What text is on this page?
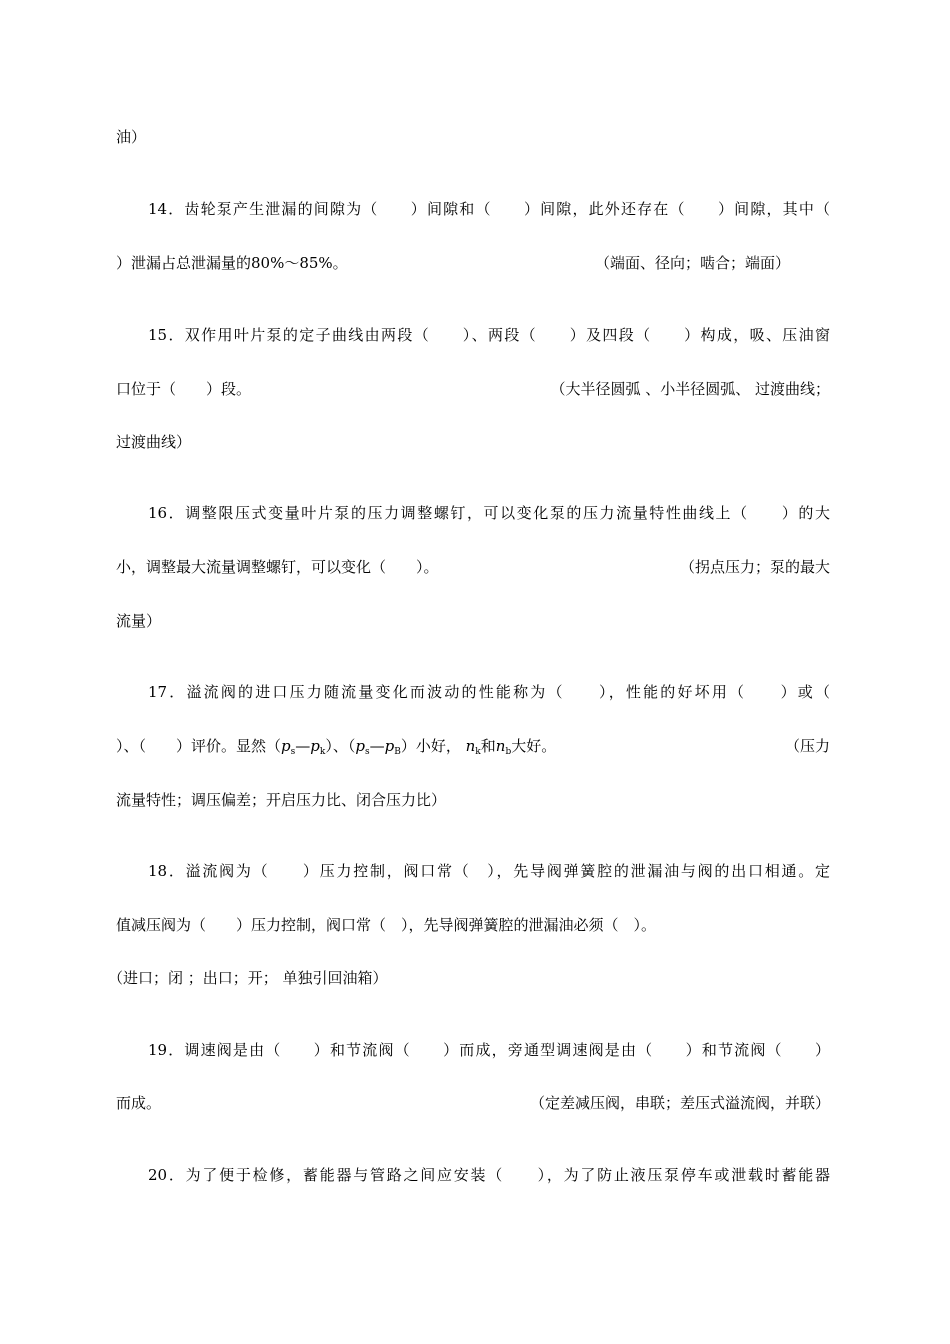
油）
14．齿轮泵产生泄漏的间隙为（　　）间隙和（　　）间隙，此外还存在（　　）间隙，其中（
）泄漏占总泄漏量的80%～85%。	（端面、径向；啮合；端面）
15．双作用叶片泵的定子曲线由两段（　　）、两段（　　）及四段（　　）构成，吸、压油窗
口位于（　　）段。	（大半径圆弧 、小半径圆弧、 过渡曲线；
过渡曲线）
16．调整限压式变量叶片泵的压力调整螺钉，可以变化泵的压力流量特性曲线上（　　）的大
小，调整最大流量调整螺钉，可以变化（　　）。	（拐点压力；泵的最大
流量）
17．溢流阀的进口压力随流量变化而波动的性能称为（　　），性能的好坏用（　　）或（
）、（　　）评价。显然$(p_s—p_k)$、$(p_s—p_B)$小好， $n_k$和$n_b$大好。	（压力
流量特性；调压偏差；开启压力比、闭合压力比）
18．溢流阀为（　　）压力控制，阀口常（　），先导阀弹簧腔的泄漏油与阀的出口相通。定
值减压阀为（　　）压力控制，阀口常（　），先导阀弹簧腔的泄漏油必须（　）。
（进口；闭 ；出口；开； 单独引回油箱）
19．调速阀是由（　　）和节流阀（　　）而成，旁通型调速阀是由（　　）和节流阀（　　）
而成。	（定差减压阀，串联；差压式溢流阀，并联）
20．为了便于检修，蓄能器与管路之间应安装（　　），为了防止液压泵停车或泄载时蓄能器
